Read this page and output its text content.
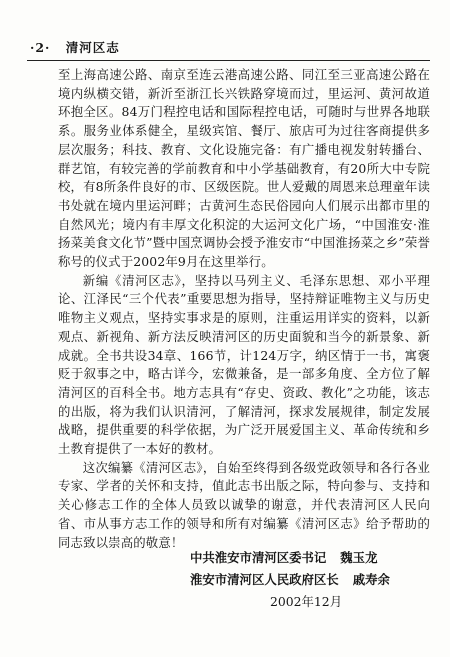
·2· 清河区志

至上海高速公路、南京至连云港高速公路、同江至三亚高速公路在境内纵横交错，新沂至浙江长兴铁路穿境而过，里运河、黄河故道环抱全区。84万门程控电话和国际程控电话，可随时与世界各地联系。服务业体系健全，星级宾馆、餐厅、旅店可为过往客商提供多层次服务；科技、教育、文化设施完备：有广播电视发射转播台、群艺馆，有较完善的学前教育和中小学基础教育，有20所大中专院校，有8所条件良好的市、区级医院。世人爱戴的周恩来总理童年读书处就在境内里运河畔；古黄河生态民俗园向人们展示出都市里的自然风光；境内有丰厚文化积淀的大运河文化广场，“中国淮安·淮扬菜美食文化节”暨中国烹调协会授予淮安市“中国淮扬菜之乡”荣誉称号的仪式于2002年9月在这里举行。

新编《清河区志》，坚持以马列主义、毛泽东思想、邓小平理论、江泽民“三个代表”重要思想为指导，坚持辩证唯物主义与历史唯物主义观点，坚持实事求是的原则，注重运用详实的资料，以新观点、新视角、新方法反映清河区的历史面貌和当今的新景象、新成就。全书共设34章、166节，计124万字，纳区情于一书，寓褒贬于叙事之中，略古详今，宏微兼备，是一部多角度、全方位了解清河区的百科全书。地方志具有“存史、资政、教化”之功能，该志的出版，将为我们认识清河，了解清河，探求发展规律，制定发展战略，提供重要的科学依据，为广泛开展爱国主义、革命传统和乡土教育提供了一本好的教材。

这次编纂《清河区志》，自始至终得到各级党政领导和各行各业专家、学者的关怀和支持，值此志书出版之际，特向参与、支持和关心修志工作的全体人员致以诚挚的谢意，并代表清河区人民向省、市从事方志工作的领导和所有对编纂《清河区志》给予帮助的同志致以崇高的敬意！

中共淮安市清河区委书记 魏玉龙
淮安市清河区人民政府区长 戚寿余
2002年12月
